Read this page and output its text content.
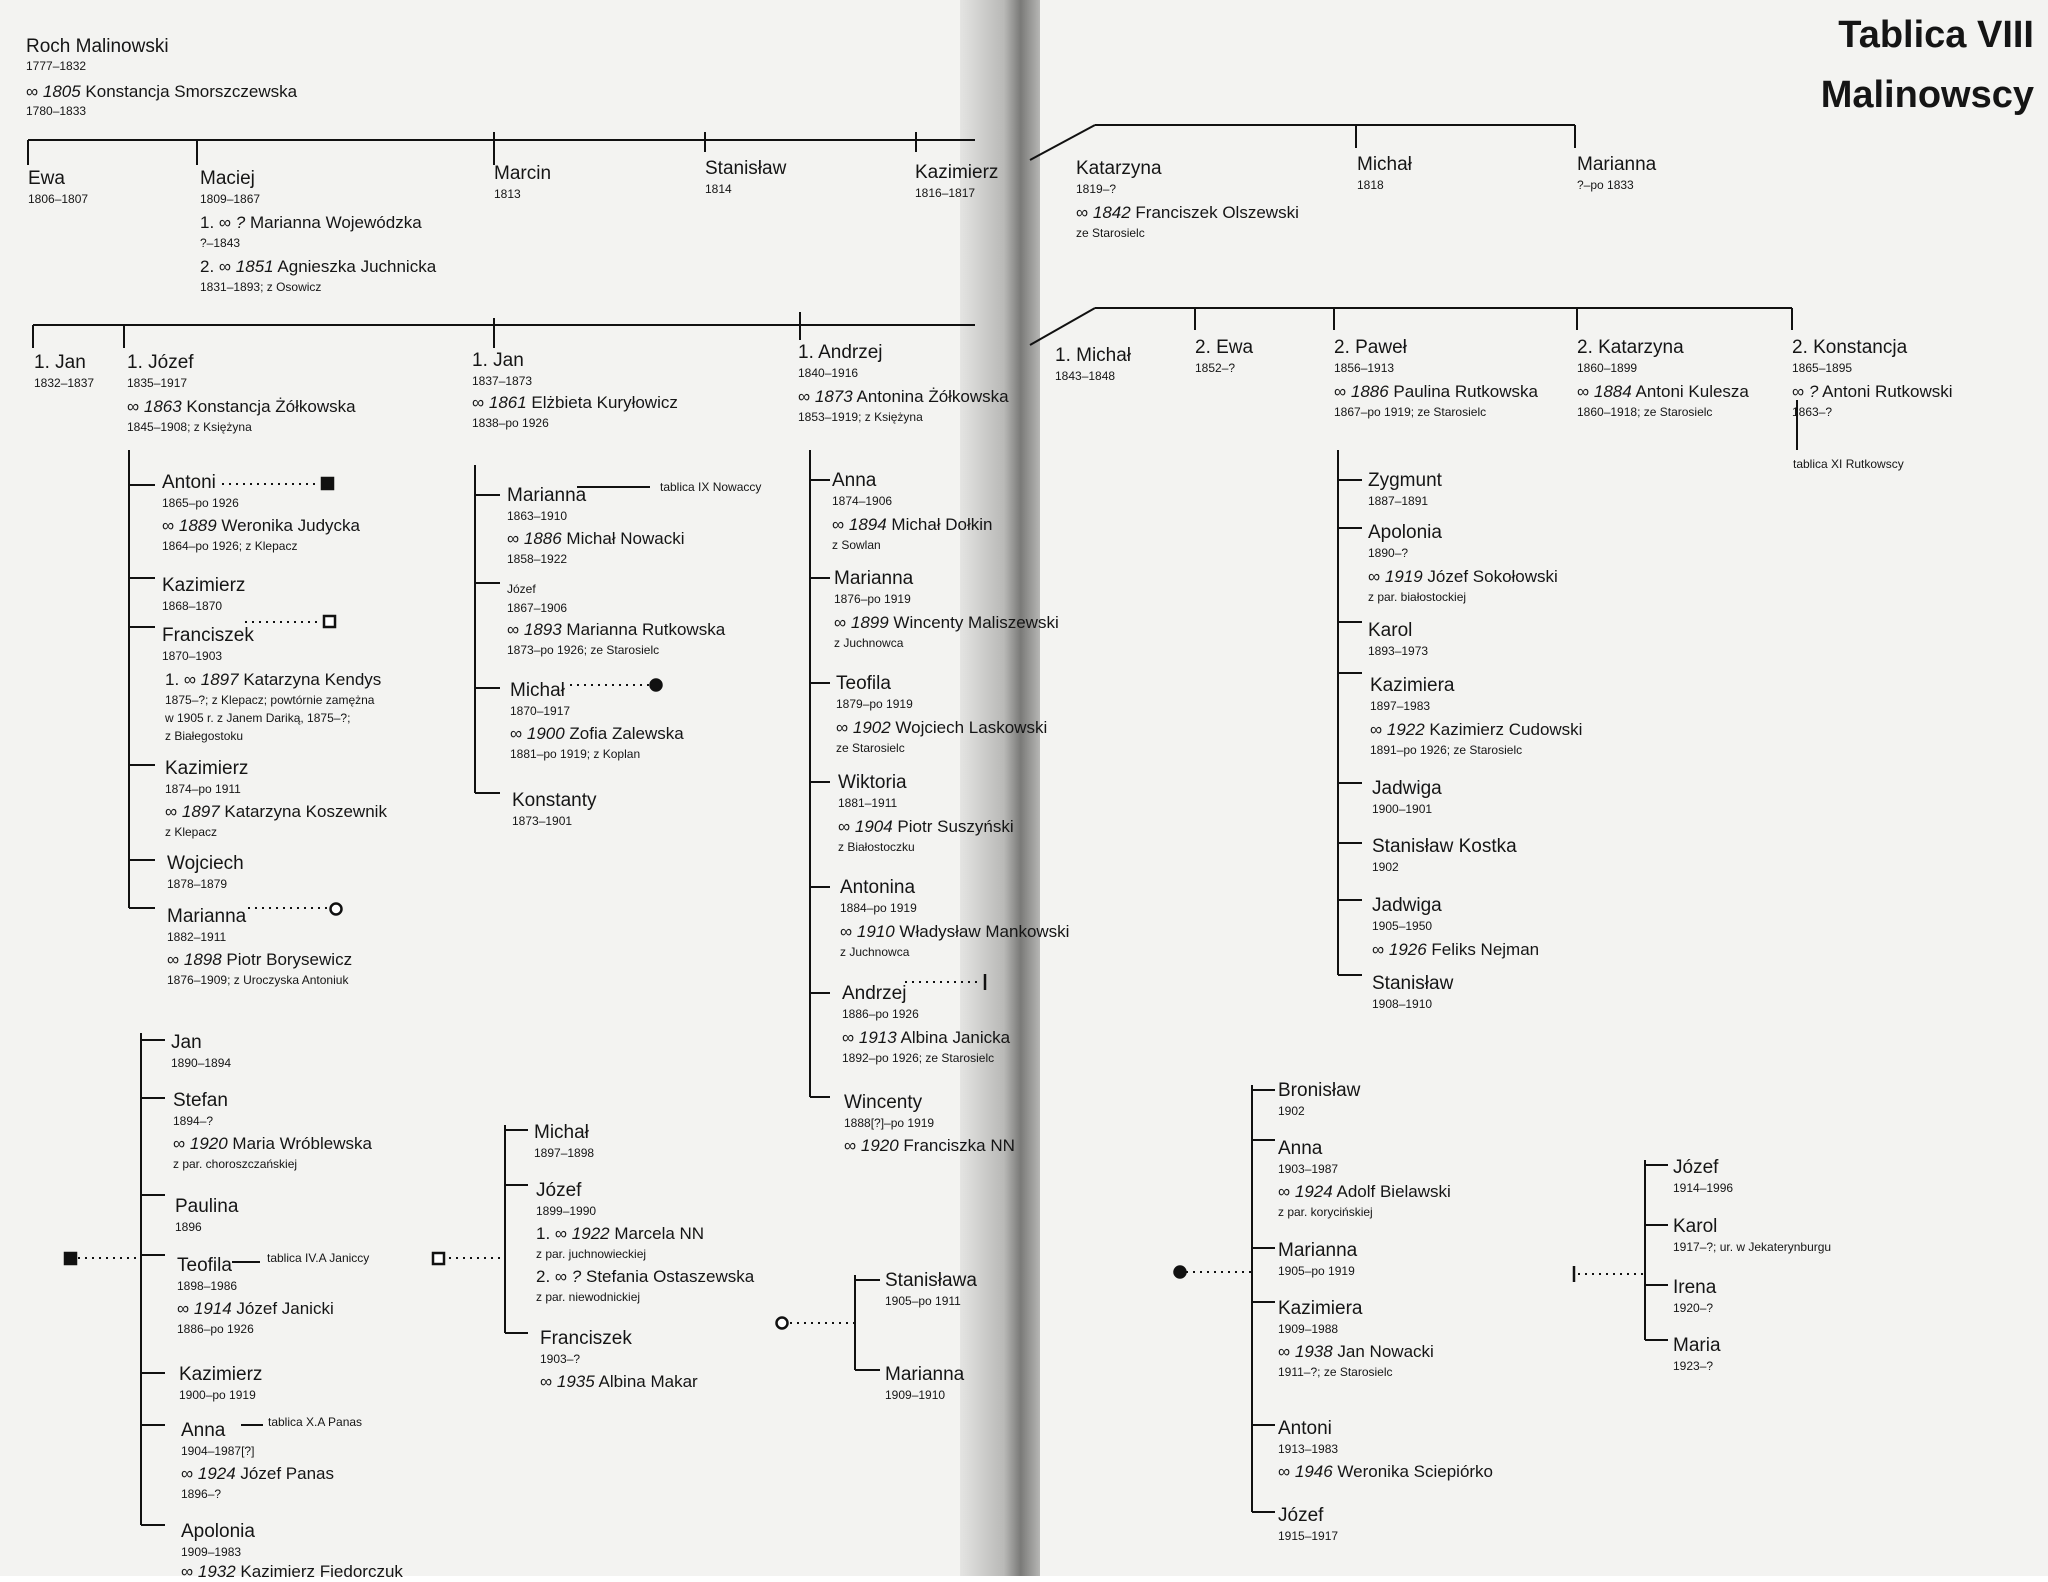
Tablica VIII
Malinowscy
Roch Malinowski
1777–1832
∞ 1805 Konstancja Smorszczewska
1780–1833
Ewa
1806–1807
Maciej
1809–1867
1. ∞ ? Marianna Wojewódzka
?–1843
2. ∞ 1851 Agnieszka Juchnicka
1831–1893; z Osowicz
Marcin
1813
Stanisław
1814
Kazimierz
1816–1817
Katarzyna
1819–?
∞ 1842 Franciszek Olszewski
ze Starosielc
Michał
1818
Marianna
?–po 1833
1. Jan
1832–1837
1. Józef
1835–1917
∞ 1863 Konstancja Żółkowska
1845–1908; z Księżyna
1. Jan
1837–1873
∞ 1861 Elżbieta Kuryłowicz
1838–po 1926
1. Andrzej
1840–1916
∞ 1873 Antonina Żółkowska
1853–1919; z Księżyna
1. Michał
1843–1848
2. Ewa
1852–?
2. Paweł
1856–1913
∞ 1886 Paulina Rutkowska
1867–po 1919; ze Starosielc
2. Katarzyna
1860–1899
∞ 1884 Antoni Kulesza
1860–1918; ze Starosielc
2. Konstancja
1865–1895
∞ ? Antoni Rutkowski
1863–?
tablica XI Rutkowscy
Antoni
1865–po 1926
∞ 1889 Weronika Judycka
1864–po 1926; z Klepacz
Kazimierz
1868–1870
Franciszek
1870–1903
1. ∞ 1897 Katarzyna Kendys
1875–?; z Klepacz; powtórnie zamężna
w 1905 r. z Janem Dariką, 1875–?;
z Białegostoku
Kazimierz
1874–po 1911
∞ 1897 Katarzyna Koszewnik
z Klepacz
Wojciech
1878–1879
Marianna
1882–1911
∞ 1898 Piotr Borysewicz
1876–1909; z Uroczyska Antoniuk
Marianna	tablica IX Nowaccy
1863–1910
∞ 1886 Michał Nowacki
1858–1922
Józef
1867–1906
∞ 1893 Marianna Rutkowska
1873–po 1926; ze Starosielc
Michał
1870–1917
∞ 1900 Zofia Zalewska
1881–po 1919; z Koplan
Konstanty
1873–1901
Anna
1874–1906
∞ 1894 Michał Dołkin
z Sowlan
Marianna
1876–po 1919
∞ 1899 Wincenty Maliszewski
z Juchnowca
Teofila
1879–po 1919
∞ 1902 Wojciech Laskowski
ze Starosielc
Wiktoria
1881–1911
∞ 1904 Piotr Suszyński
z Białostoczku
Antonina
1884–po 1919
∞ 1910 Władysław Mankowski
z Juchnowca
Andrzej
1886–po 1926
∞ 1913 Albina Janicka
1892–po 1926; ze Starosielc
Wincenty
1888[?]–po 1919
∞ 1920 Franciszka NN
Zygmunt
1887–1891
Apolonia
1890–?
∞ 1919 Józef Sokołowski
z par. białostockiej
Karol
1893–1973
Kazimiera
1897–1983
∞ 1922 Kazimierz Cudowski
1891–po 1926; ze Starosielc
Jadwiga
1900–1901
Stanisław Kostka
1902
Jadwiga
1905–1950
∞ 1926 Feliks Nejman
Stanisław
1908–1910
Jan
1890–1894
Stefan
1894–?
∞ 1920 Maria Wróblewska
z par. choroszczańskiej
Paulina
1896
Teofila	tablica IV.A Janiccy
1898–1986
∞ 1914 Józef Janicki
1886–po 1926
Kazimierz
1900–po 1919
Anna	tablica X.A Panas
1904–1987[?]
∞ 1924 Józef Panas
1896–?
Apolonia
1909–1983
∞ 1932 Kazimierz Fiedorczuk
Michał
1897–1898
Józef
1899–1990
1. ∞ 1922 Marcela NN
z par. juchnowieckiej
2. ∞ ? Stefania Ostaszewska
z par. niewodnickiej
Franciszek
1903–?
∞ 1935 Albina Makar
Stanisława
1905–po 1911
Marianna
1909–1910
Bronisław
1902
Anna
1903–1987
∞ 1924 Adolf Bielawski
z par. korycińskiej
Marianna
1905–po 1919
Kazimiera
1909–1988
∞ 1938 Jan Nowacki
1911–?; ze Starosielc
Antoni
1913–1983
∞ 1946 Weronika Sciepiórko
Józef
1915–1917
Józef
1914–1996
Karol
1917–?; ur. w Jekaterynburgu
Irena
1920–?
Maria
1923–?
